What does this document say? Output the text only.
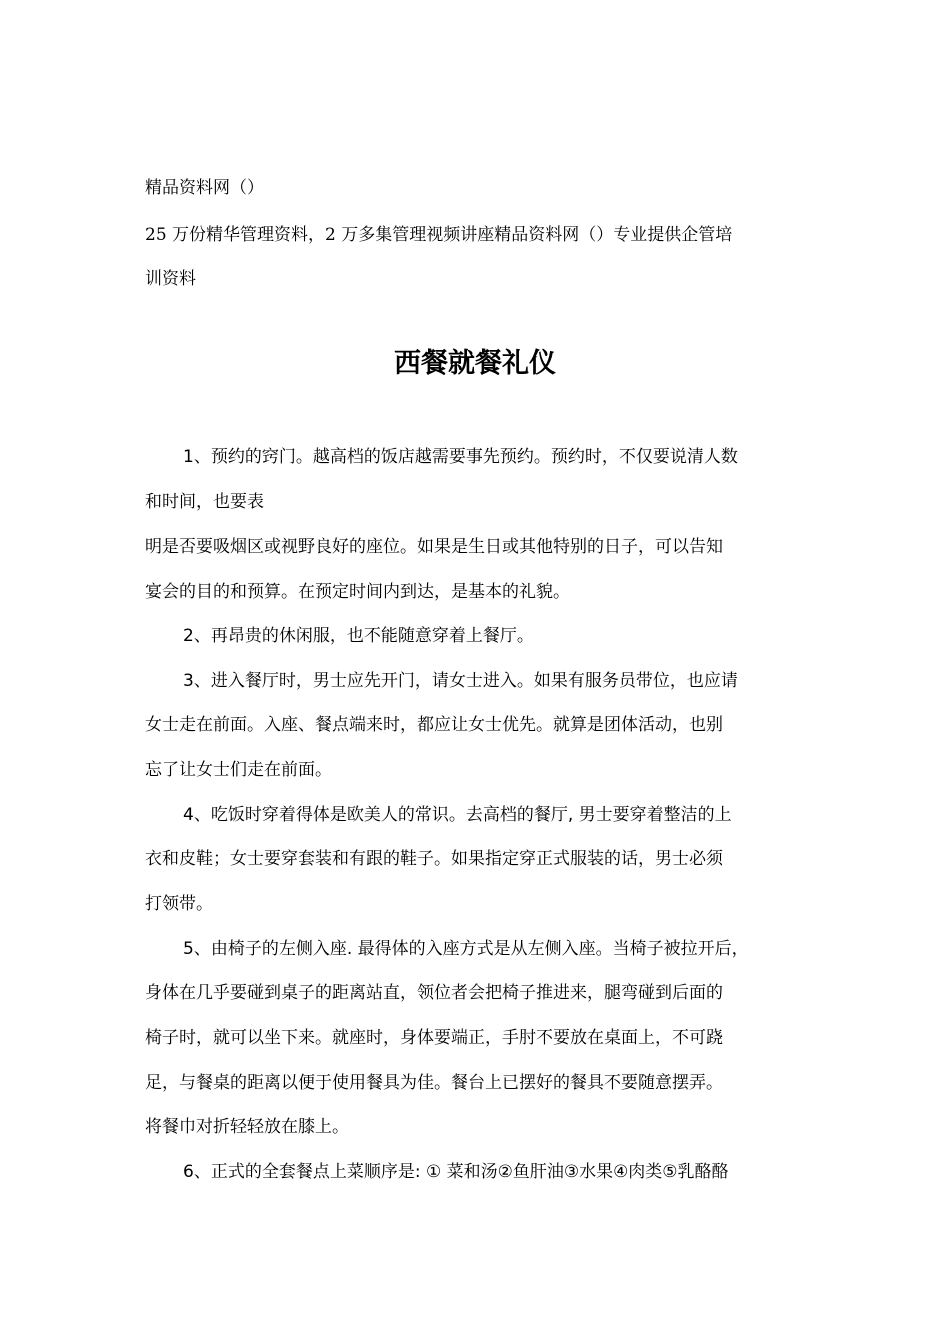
精品资料网（）
25 万份精华管理资料，2 万多集管理视频讲座精品资料网（）专业提供企管培
训资料
西餐就餐礼仪
1、预约的窍门。越高档的饭店越需要事先预约。预约时，不仅要说清人数
和时间，也要表
明是否要吸烟区或视野良好的座位。如果是生日或其他特别的日子，可以告知
宴会的目的和预算。在预定时间内到达，是基本的礼貌。
2、再昂贵的休闲服，也不能随意穿着上餐厅。
3、进入餐厅时，男士应先开门，请女士进入。如果有服务员带位，也应请
女士走在前面。入座、餐点端来时，都应让女士优先。就算是团体活动，也别
忘了让女士们走在前面。
4、吃饭时穿着得体是欧美人的常识。去高档的餐厅, 男士要穿着整洁的上
衣和皮鞋；女士要穿套装和有跟的鞋子。如果指定穿正式服装的话，男士必须
打领带。
5、由椅子的左侧入座. 最得体的入座方式是从左侧入座。当椅子被拉开后，
身体在几乎要碰到桌子的距离站直，领位者会把椅子推进来，腿弯碰到后面的
椅子时，就可以坐下来。就座时，身体要端正，手肘不要放在桌面上，不可跷
足，与餐桌的距离以便于使用餐具为佳。餐台上已摆好的餐具不要随意摆弄。
将餐巾对折轻轻放在膝上。
6、正式的全套餐点上菜顺序是: ① 菜和汤②鱼肝油③水果④肉类⑤乳酪酪
